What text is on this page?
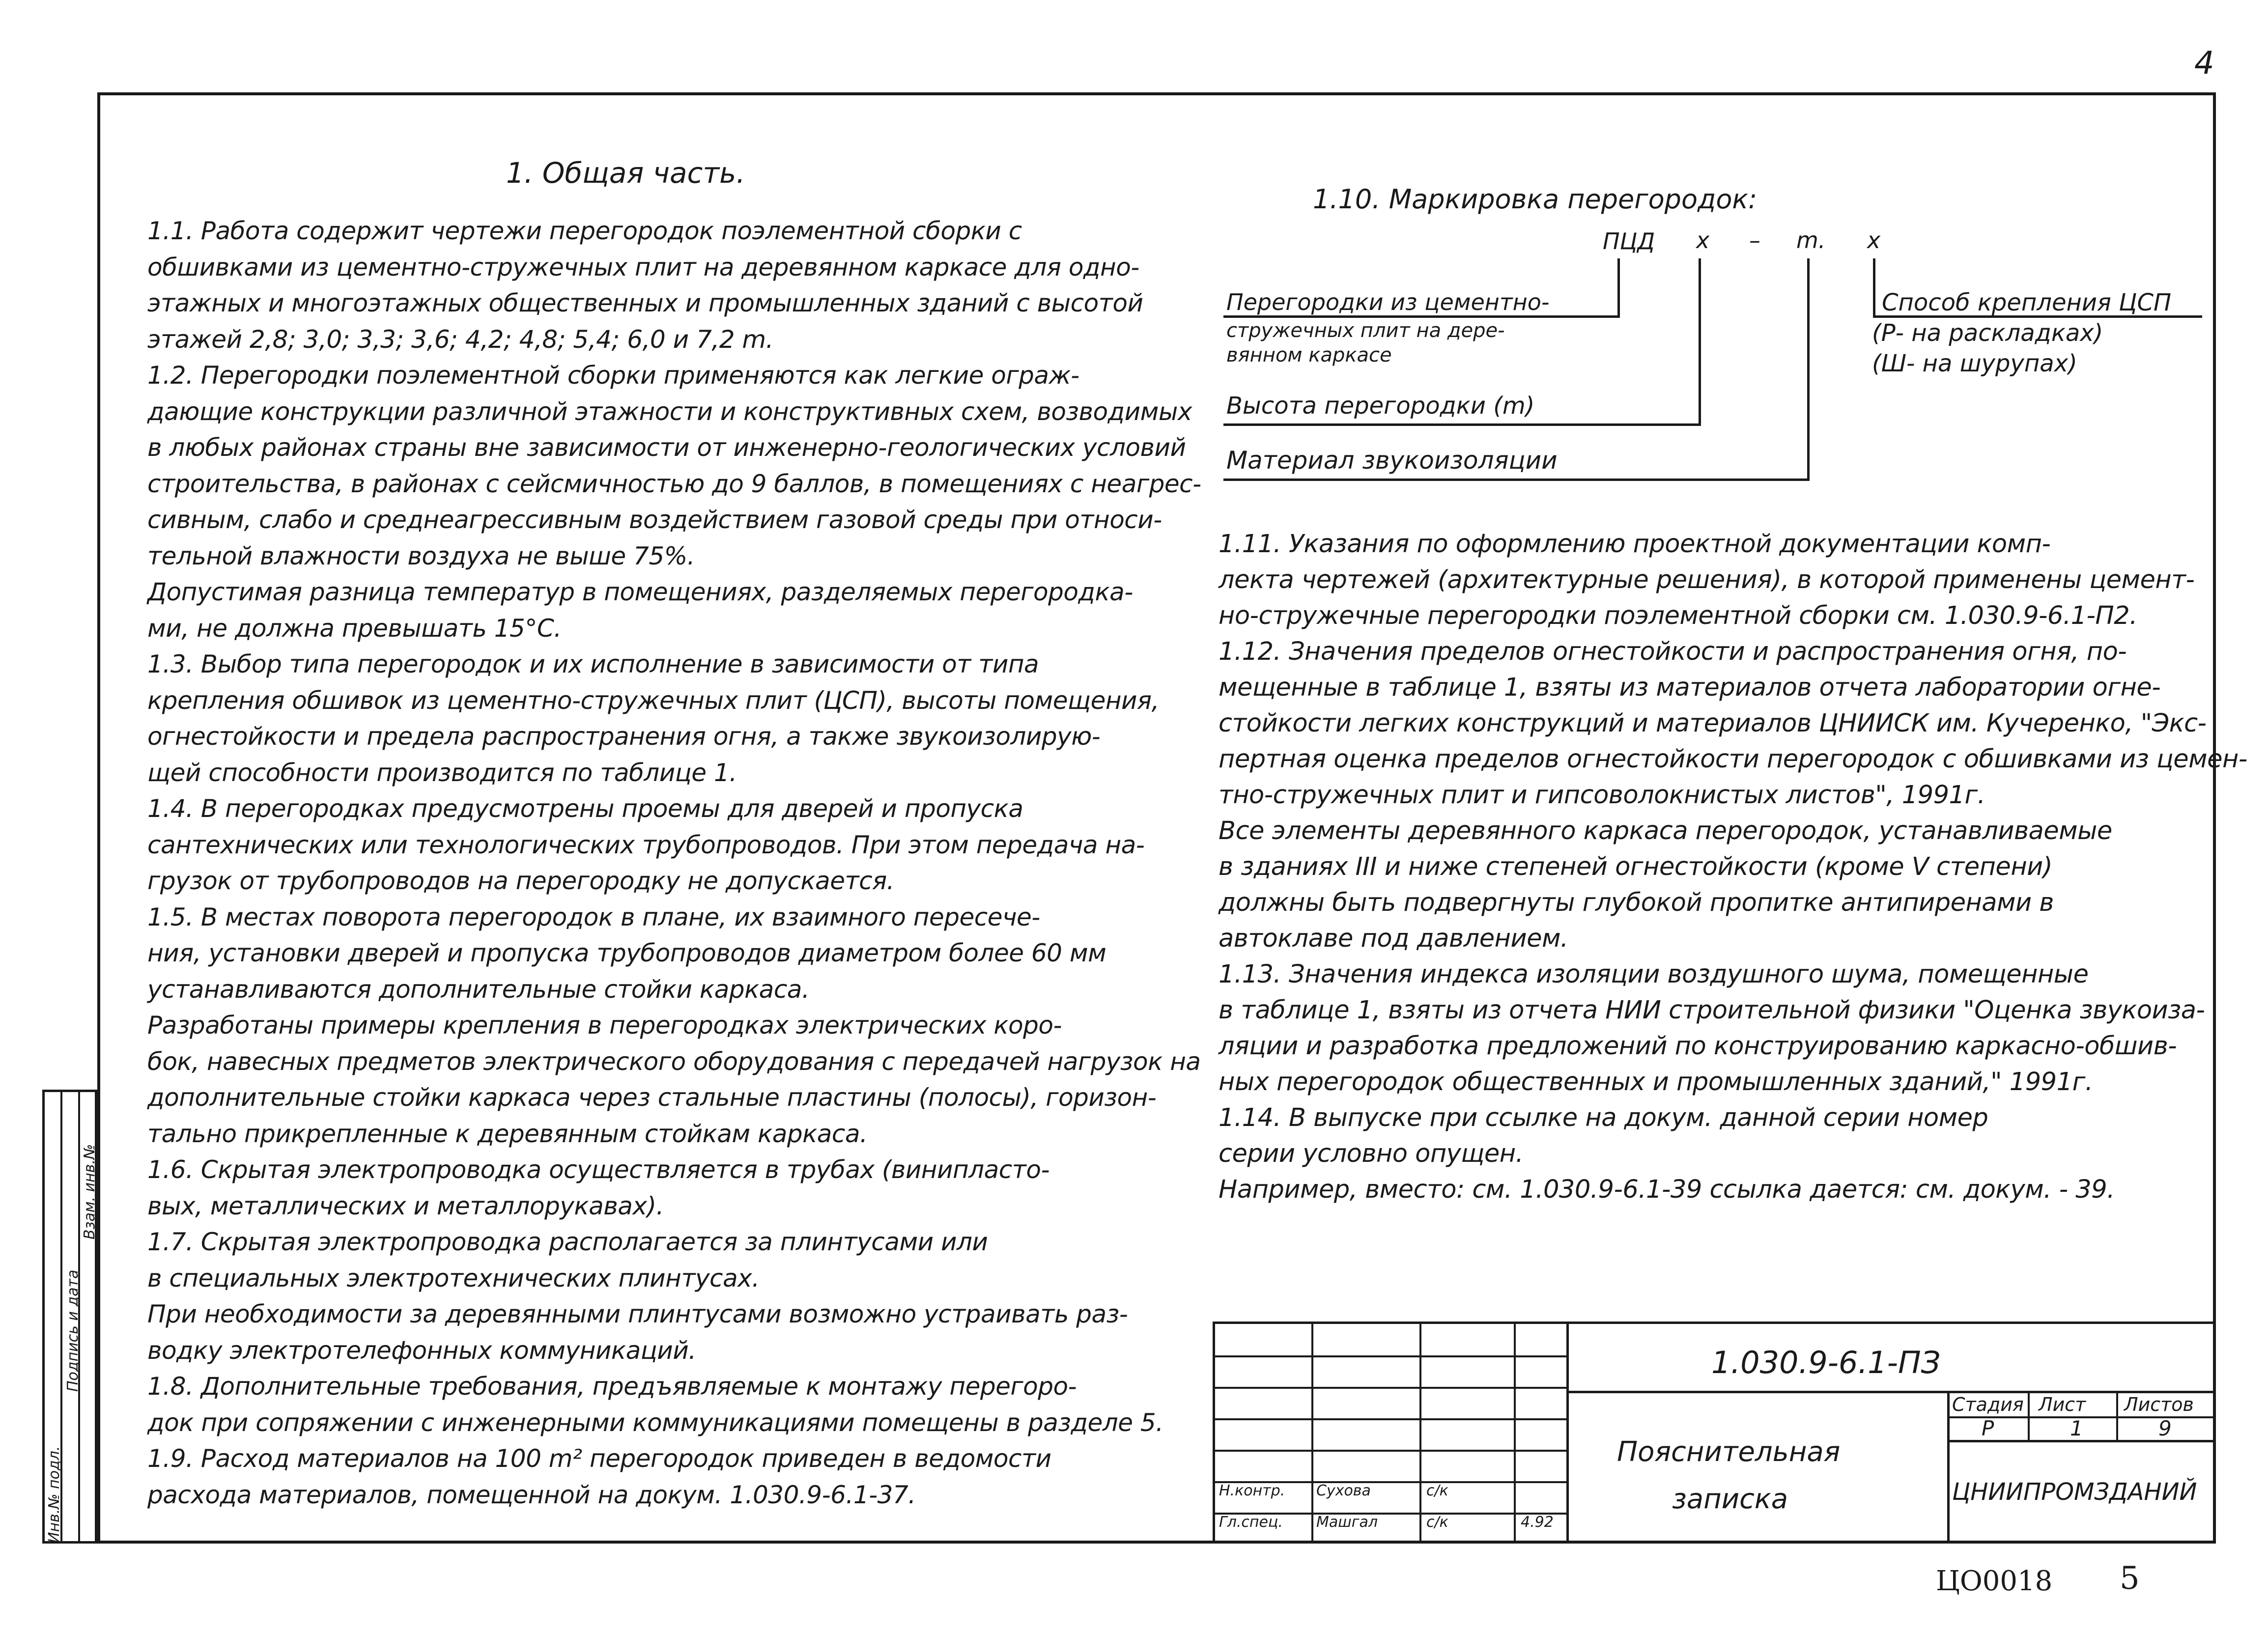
4
ЦО0018 5
Инв.№ подл.
Подпись и дата
Взам. инв.№
1. Общая часть.
1.1. Работа содержит чертежи перегородок поэлементной сборки с
обшивками из цементно-стружечных плит на деревянном каркасе для одно-
этажных и многоэтажных общественных и промышленных зданий с высотой
этажей 2,8; 3,0; 3,3; 3,6; 4,2; 4,8; 5,4; 6,0 и 7,2 m.
1.2. Перегородки поэлементной сборки применяются как легкие ограж-
дающие конструкции различной этажности и конструктивных схем, возводимых
в любых районах страны вне зависимости от инженерно-геологических условий
строительства, в районах с сейсмичностью до 9 баллов, в помещениях с неагрес-
сивным, слабо и среднеагрессивным воздействием газовой среды при относи-
тельной влажности воздуха не выше 75%.
Допустимая разница температур в помещениях, разделяемых перегородка-
ми, не должна превышать 15°С.
1.3. Выбор типа перегородок и их исполнение в зависимости от типа
крепления обшивок из цементно-стружечных плит (ЦСП), высоты помещения,
огнестойкости и предела распространения огня, а также звукоизолирую-
щей способности производится по таблице 1.
1.4. В перегородках предусмотрены проемы для дверей и пропуска
сантехнических или технологических трубопроводов. При этом передача на-
грузок от трубопроводов на перегородку не допускается.
1.5. В местах поворота перегородок в плане, их взаимного пересече-
ния, установки дверей и пропуска трубопроводов диаметром более 60 мм
устанавливаются дополнительные стойки каркаса.
Разработаны примеры крепления в перегородках электрических коро-
бок, навесных предметов электрического оборудования с передачей нагрузок на
дополнительные стойки каркаса через стальные пластины (полосы), горизон-
тально прикрепленные к деревянным стойкам каркаса.
1.6. Скрытая электропроводка осуществляется в трубах (винипласто-
вых, металлических и металлорукавах).
1.7. Скрытая электропроводка располагается за плинтусами или
в специальных электротехнических плинтусах.
При необходимости за деревянными плинтусами возможно устраивать раз-
водку электротелефонных коммуникаций.
1.8. Дополнительные требования, предъявляемые к монтажу перегоро-
док при сопряжении с инженерными коммуникациями помещены в разделе 5.
1.9. Расход материалов на 100 m² перегородок приведен в ведомости
расхода материалов, помещенной на докум. 1.030.9-6.1-37.
1.10. Маркировка перегородок:
ПЦД х – m. х
Перегородки из цементно-
стружечных плит на дере-
вянном каркасе
Высота перегородки (m)
Материал звукоизоляции
Способ крепления ЦСП
(Р- на раскладках)
(Ш- на шурупах)
1.11. Указания по оформлению проектной документации комп-
лекта чертежей (архитектурные решения), в которой применены цемент-
но-стружечные перегородки поэлементной сборки см. 1.030.9-6.1-П2.
1.12. Значения пределов огнестойкости и распространения огня, по-
мещенные в таблице 1, взяты из материалов отчета лаборатории огне-
стойкости легких конструкций и материалов ЦНИИСК им. Кучеренко, "Экс-
пертная оценка пределов огнестойкости перегородок с обшивками из цемен-
тно-стружечных плит и гипсоволокнистых листов", 1991г.
Все элементы деревянного каркаса перегородок, устанавливаемые
в зданиях III и ниже степеней огнестойкости (кроме V степени)
должны быть подвергнуты глубокой пропитке антипиренами в
автоклаве под давлением.
1.13. Значения индекса изоляции воздушного шума, помещенные
в таблице 1, взяты из отчета НИИ строительной физики "Оценка звукоиза-
ляции и разработка предложений по конструированию каркасно-обшив-
ных перегородок общественных и промышленных зданий," 1991г.
1.14. В выпуске при ссылке на докум. данной серии номер
серии условно опущен.
Например, вместо: см. 1.030.9-6.1-39 ссылка дается: см. докум. - 39.
1.030.9-6.1-ПЗ
Пояснительная
записка
Стадия Лист Листов
Р	1	9
ЦНИИПРОМЗДАНИЙ
Н.контр. Сухова	с/к
Гл.спец. Машгал	с/к	4.92
